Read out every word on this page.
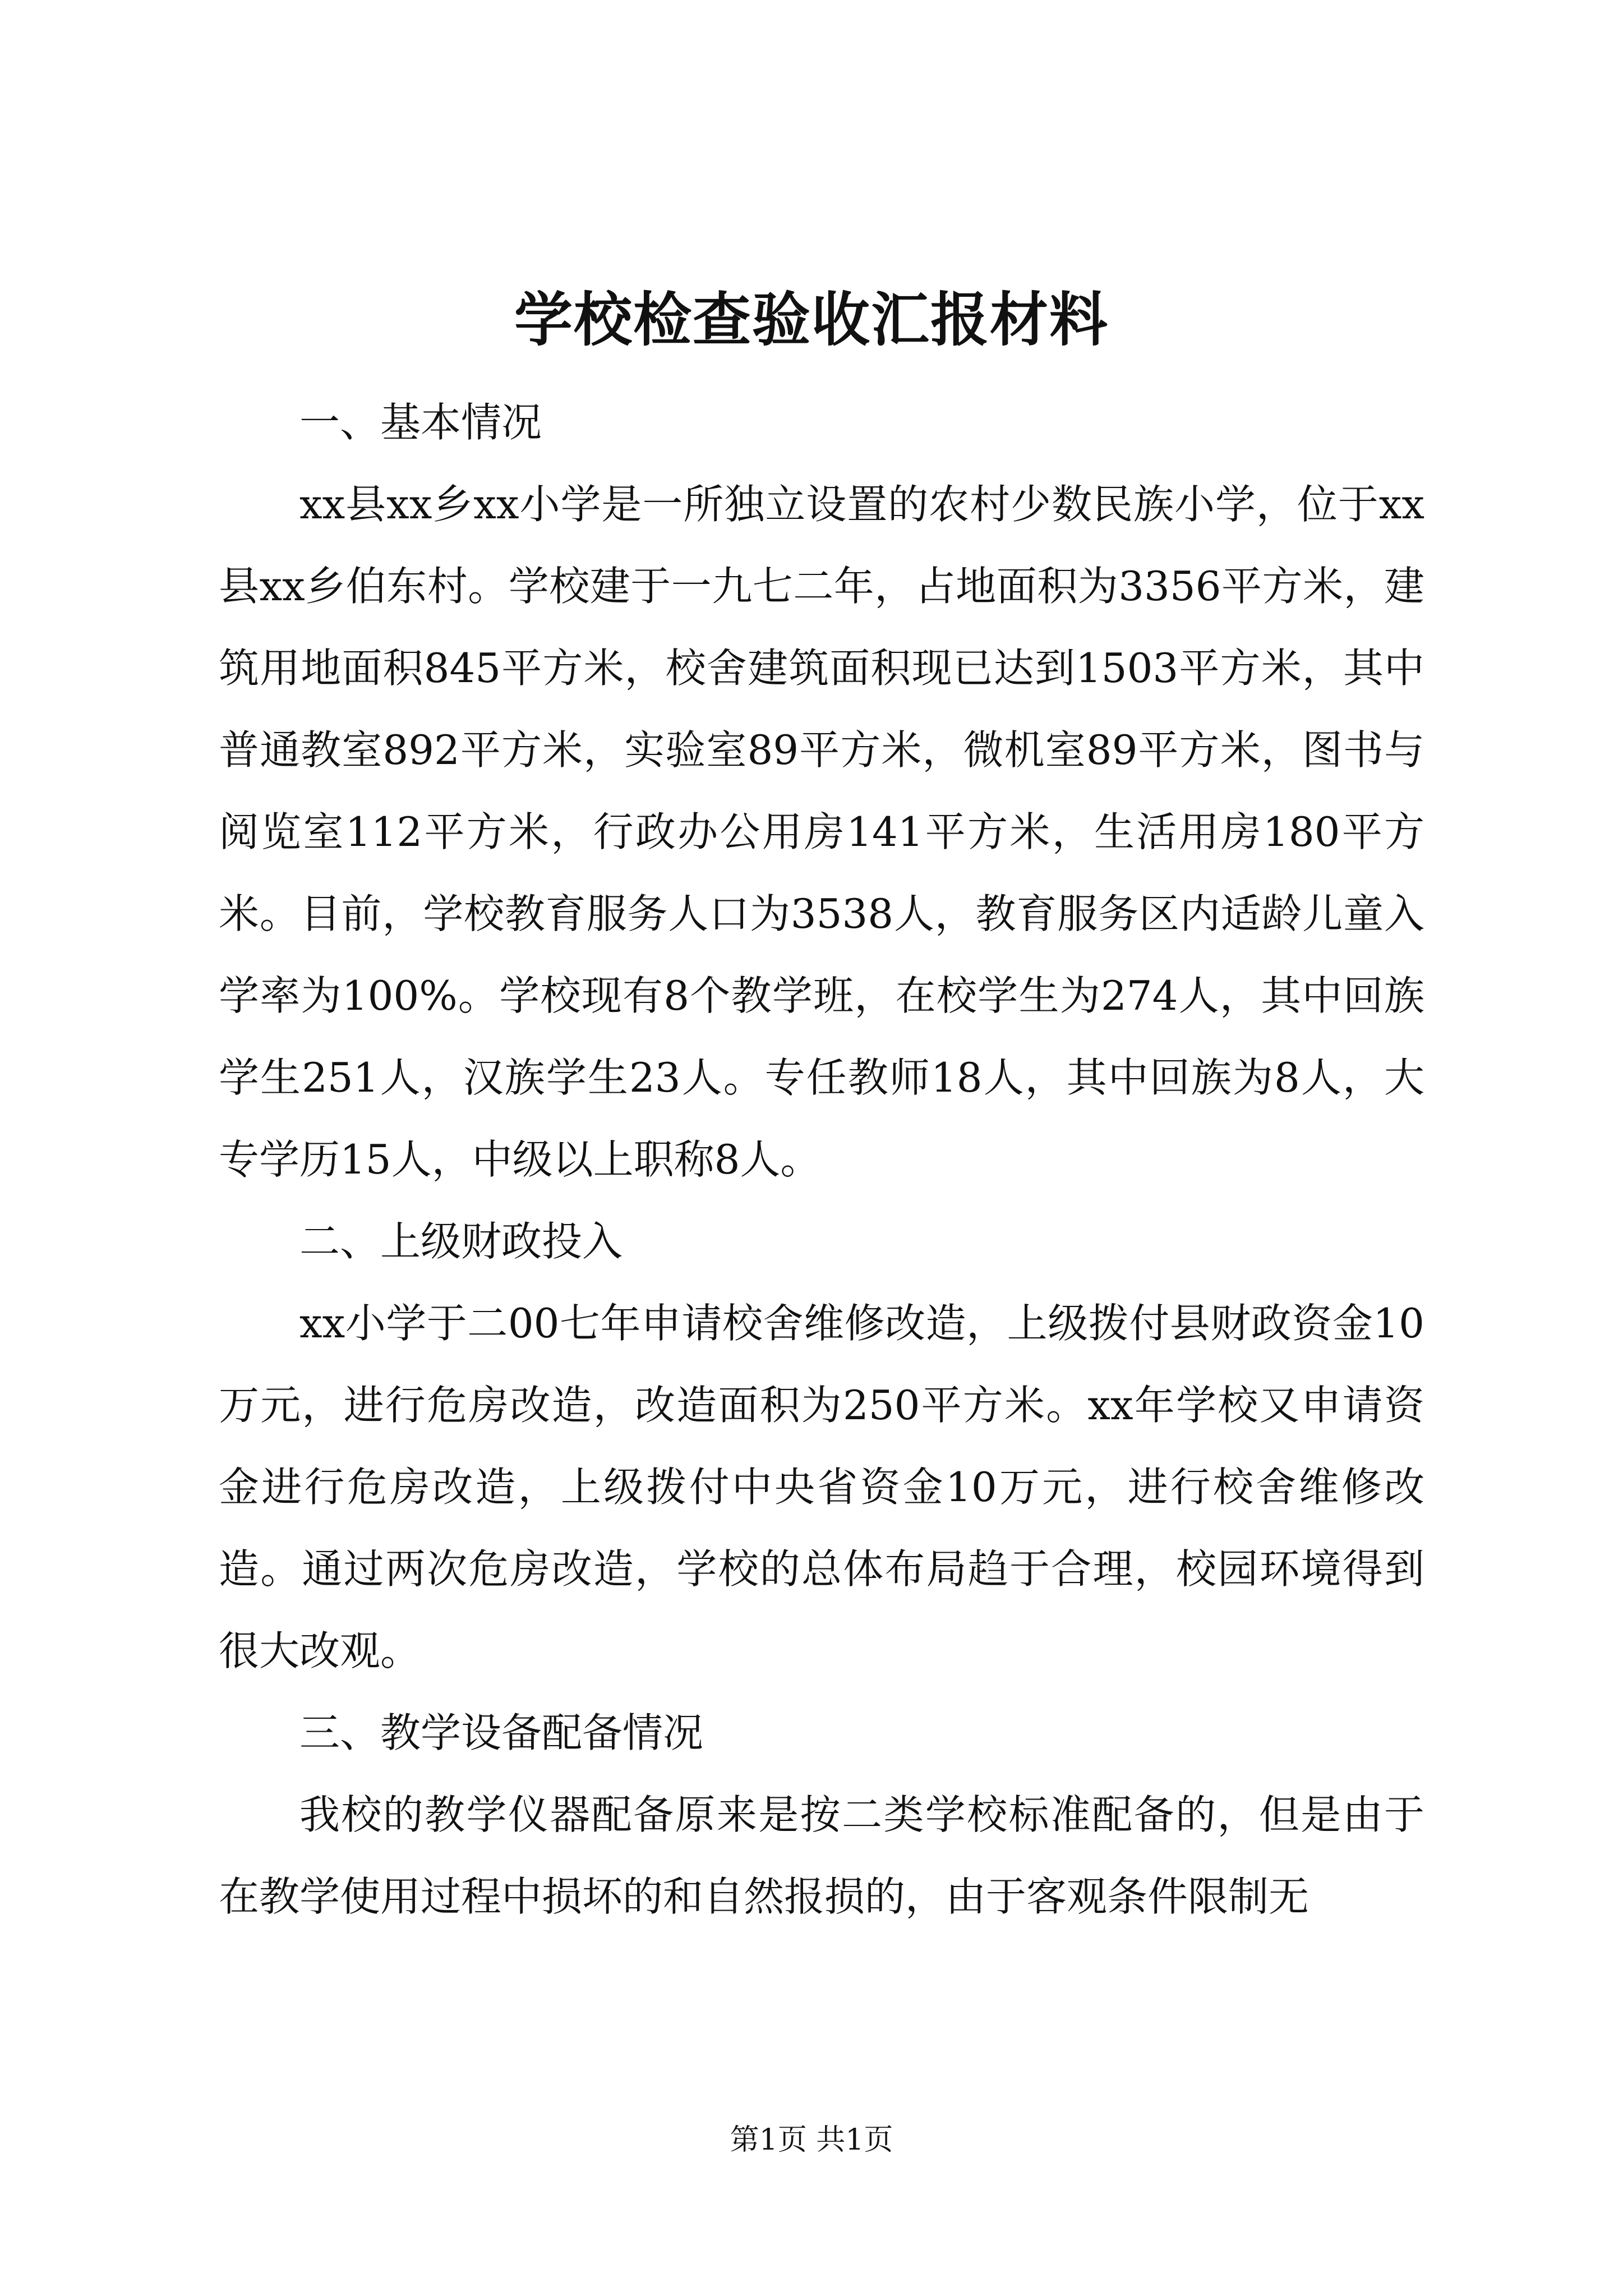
学校检查验收汇报材料

一、基本情况

xx县xx乡xx小学是一所独立设置的农村少数民族小学，位于xx县xx乡伯东村。学校建于一九七二年，占地面积为3356平方米，建筑用地面积845平方米，校舍建筑面积现已达到1503平方米，其中普通教室892平方米，实验室89平方米，微机室89平方米，图书与阅览室112平方米，行政办公用房141平方米，生活用房180平方米。目前，学校教育服务人口为3538人，教育服务区内适龄儿童入学率为100%。学校现有8个教学班，在校学生为274人，其中回族学生251人，汉族学生23人。专任教师18人，其中回族为8人，大专学历15人，中级以上职称8人。

二、上级财政投入

xx小学于二00七年申请校舍维修改造，上级拨付县财政资金10万元，进行危房改造，改造面积为250平方米。xx年学校又申请资金进行危房改造，上级拨付中央省资金10万元，进行校舍维修改造。通过两次危房改造，学校的总体布局趋于合理，校园环境得到很大改观。

三、教学设备配备情况

我校的教学仪器配备原来是按二类学校标准配备的，但是由于在教学使用过程中损坏的和自然报损的，由于客观条件限制无

第1页 共1页
